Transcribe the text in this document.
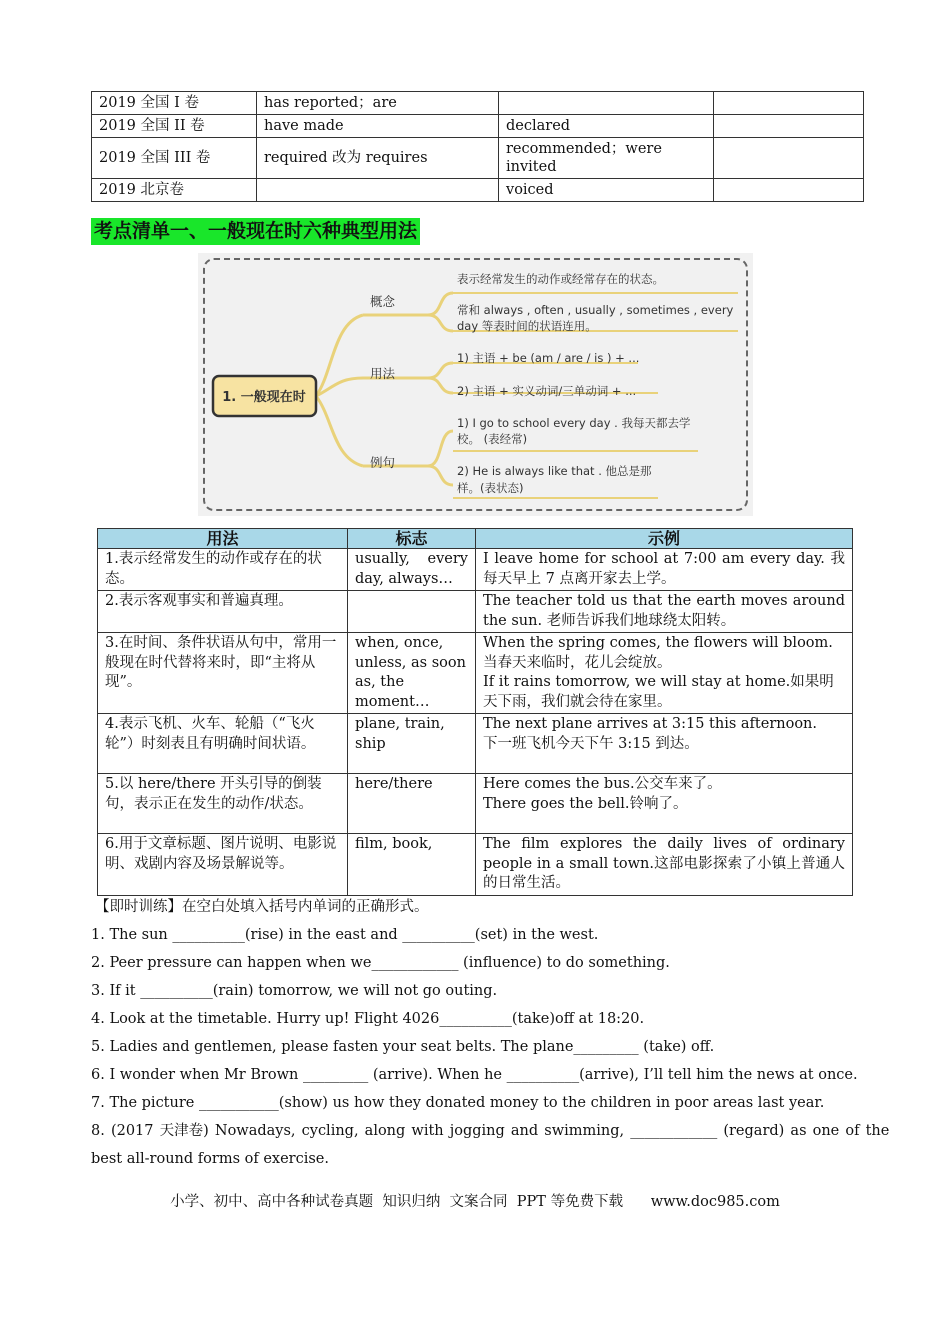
2019 全国 I 卷	has reported；are		
2019 全国 II 卷	have made	declared	
2019 全国 III 卷	required 改为 requires	recommended；were invited	
2019 北京卷		voiced	
考点清单一、一般现在时六种典型用法
1. 一般现在时
概念
用法
例句
表示经常发生的动作或经常存在的状态。
常和 always , often , usually , sometimes , every
day 等表时间的状语连用。
1) 主语 + be (am / are / is ) + ...
2) 主语 + 实义动词/三单动词 + ...
1) I go to school every day . 我每天都去学
校。 (表经常)
2) He is always like that . 他总是那
样。(表状态)
用法	标志	示例
1.表示经常发生的动作或存在的状态。	usually, every day, always…	I leave home for school at 7:00 am every day. 我每天早上 7 点离开家去上学。

2.表示客观事实和普遍真理。		The teacher told us that the earth moves around the sun. 老师告诉我们地球绕太阳转。

3.在时间、条件状语从句中，常用一般现在时代替将来时，即“主将从现”。	when, once, unless, as soon as, the moment…	When the spring comes, the flowers will bloom.
当春天来临时，花儿会绽放。
If it rains tomorrow, we will stay at home.如果明天下雨，我们就会待在家里。

4.表示飞机、火车、轮船（“飞火轮”）时刻表且有明确时间状语。	plane, train, ship	The next plane arrives at 3:15 this afternoon.
下一班飞机今天下午 3:15 到达。

5.以 here/there 开头引导的倒装句，表示正在发生的动作/状态。	here/there	Here comes the bus.公交车来了。
There goes the bell.铃响了。

6.用于文章标题、图片说明、电影说明、戏剧内容及场景解说等。	film, book,	The film explores the daily lives of ordinary people in a small town.这部电影探索了小镇上普通人的日常生活。
【即时训练】在空白处填入括号内单词的正确形式。
1. The sun __________(rise) in the east and __________(set) in the west.
2. Peer pressure can happen when we____________ (influence) to do something.
3. If it __________(rain) tomorrow, we will not go outing.
4. Look at the timetable. Hurry up! Flight 4026__________(take)off at 18:20.
5. Ladies and gentlemen, please fasten your seat belts. The plane_________ (take) off.
6. I wonder when Mr Brown _________ (arrive). When he __________(arrive), I’ll tell him the news at once.
7. The picture ___________(show) us how they donated money to the children in poor areas last year.
8. (2017 天津卷) Nowadays, cycling, along with jogging and swimming, ____________ (regard) as one of the
best all-round forms of exercise.
小学、初中、高中各种试卷真题  知识归纳  文案合同  PPT 等免费下载      www.doc985.com
